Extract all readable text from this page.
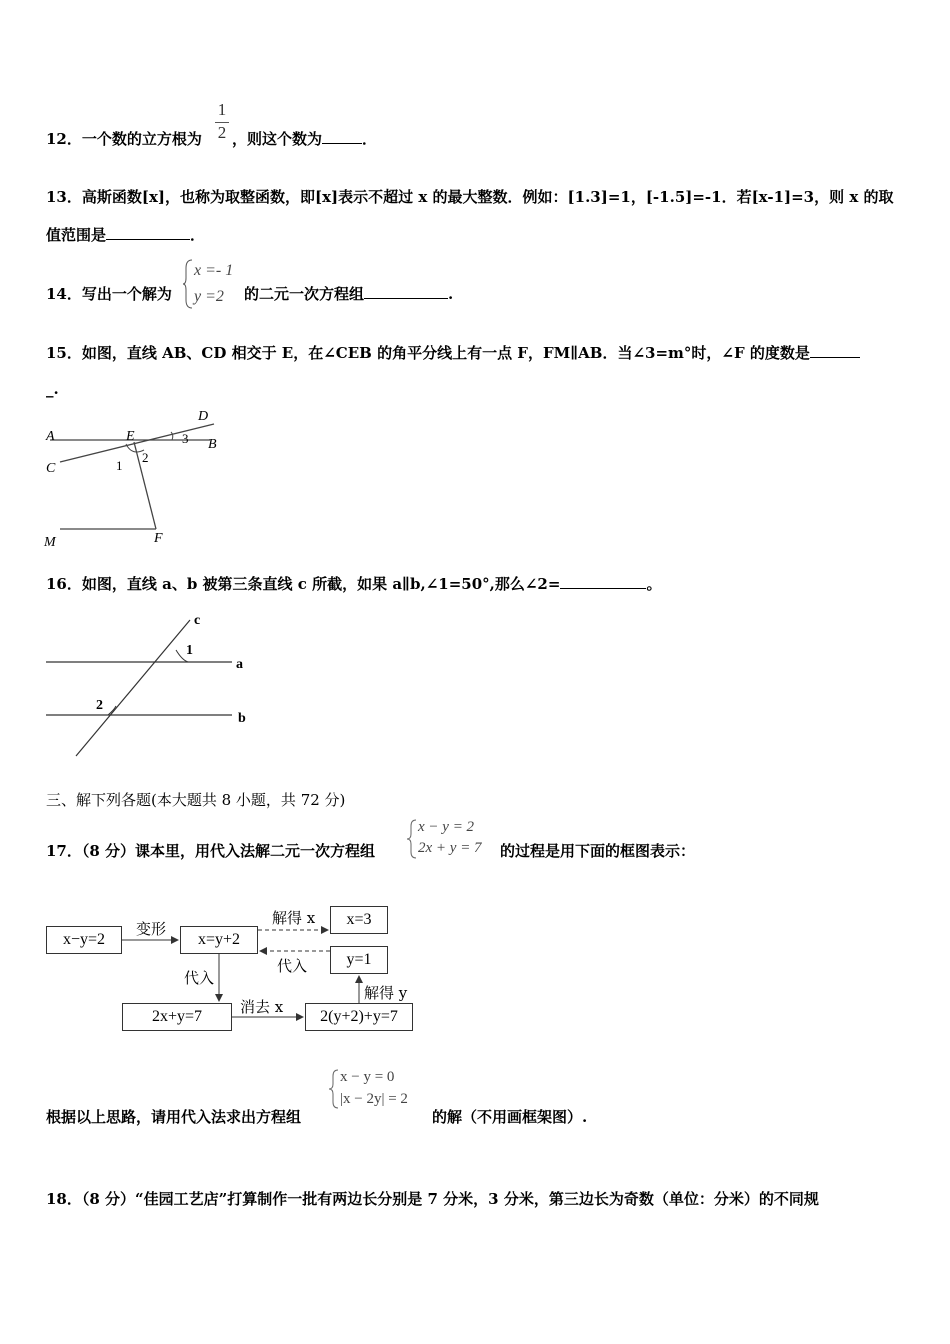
12．一个数的立方根为 $\frac{1}{2}$ ，则这个数为	．
13．高斯函数[x]，也称为取整函数，即[x]表示不超过 x 的最大整数．例如：[1.3]=1，[-1.5]=-1．若[x-1]=3，则 x 的取
值范围是	．
14．写出一个解为
x =- 1
y =2	的二元一次方程组	.
15．如图，直线 AB、CD 相交于 E，在∠CEB 的角平分线上有一点 F，FM∥AB．当∠3=m°时，∠F 的度数是
_.
A
B
C
D
E
F
M
1
2
3
16．如图，直线 a、b 被第三条直线 c 所截，如果 a∥b,∠1=50°,那么∠2=	。
c
a
b
1
2
三、解下列各题(本大题共 8 小题，共 72 分)
17．（8 分）课本里，用代入法解二元一次方程组
x − y = 2
2x + y = 7 的过程是用下面的框图表示：
x−y=2	x=y+2
x=3
y=1
2x+y=7	2(y+2)+y=7
变形
解得 x
代入
代入
消去 x
解得 y
根据以上思路，请用代入法求出方程组
x − y = 0
|x − 2y| = 2
的解（不用画框架图）.
18．（8 分）“佳园工艺店”打算制作一批有两边长分别是 7 分米，3 分米，第三边长为奇数（单位：分米）的不同规
